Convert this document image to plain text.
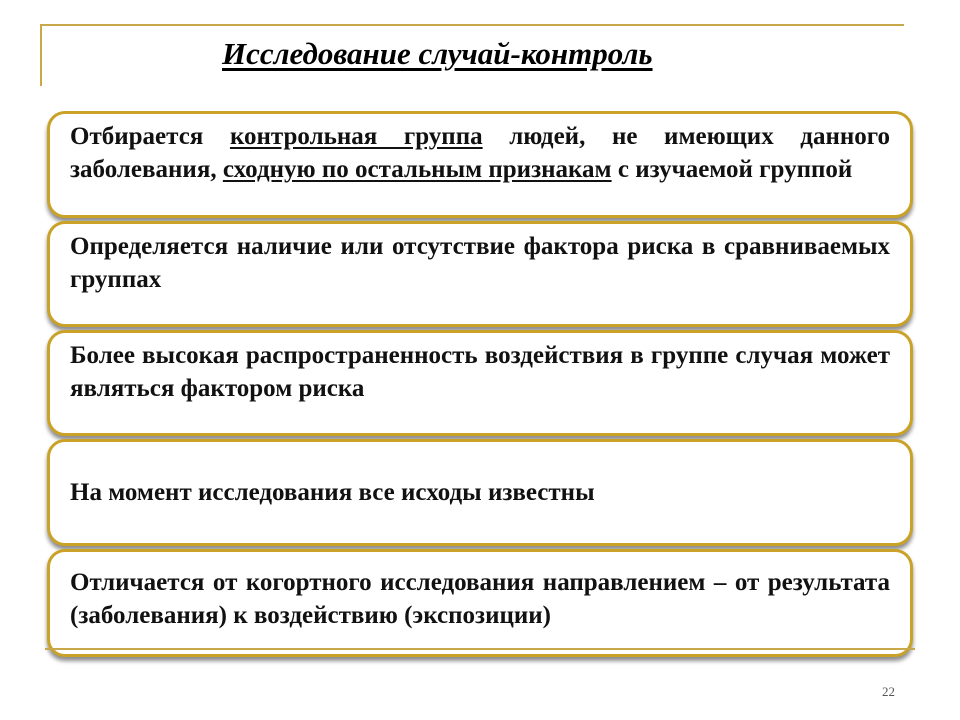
Исследование случай-контроль
Отбирается контрольная группа людей, не имеющих данного заболевания, сходную по остальным признакам с изучаемой группой
Определяется наличие или отсутствие фактора риска в сравниваемых группах
Более высокая распространенность воздействия в группе случая может являться фактором риска
На момент исследования все исходы известны
Отличается от когортного исследования направлением – от результата (заболевания) к воздействию (экспозиции)
22
